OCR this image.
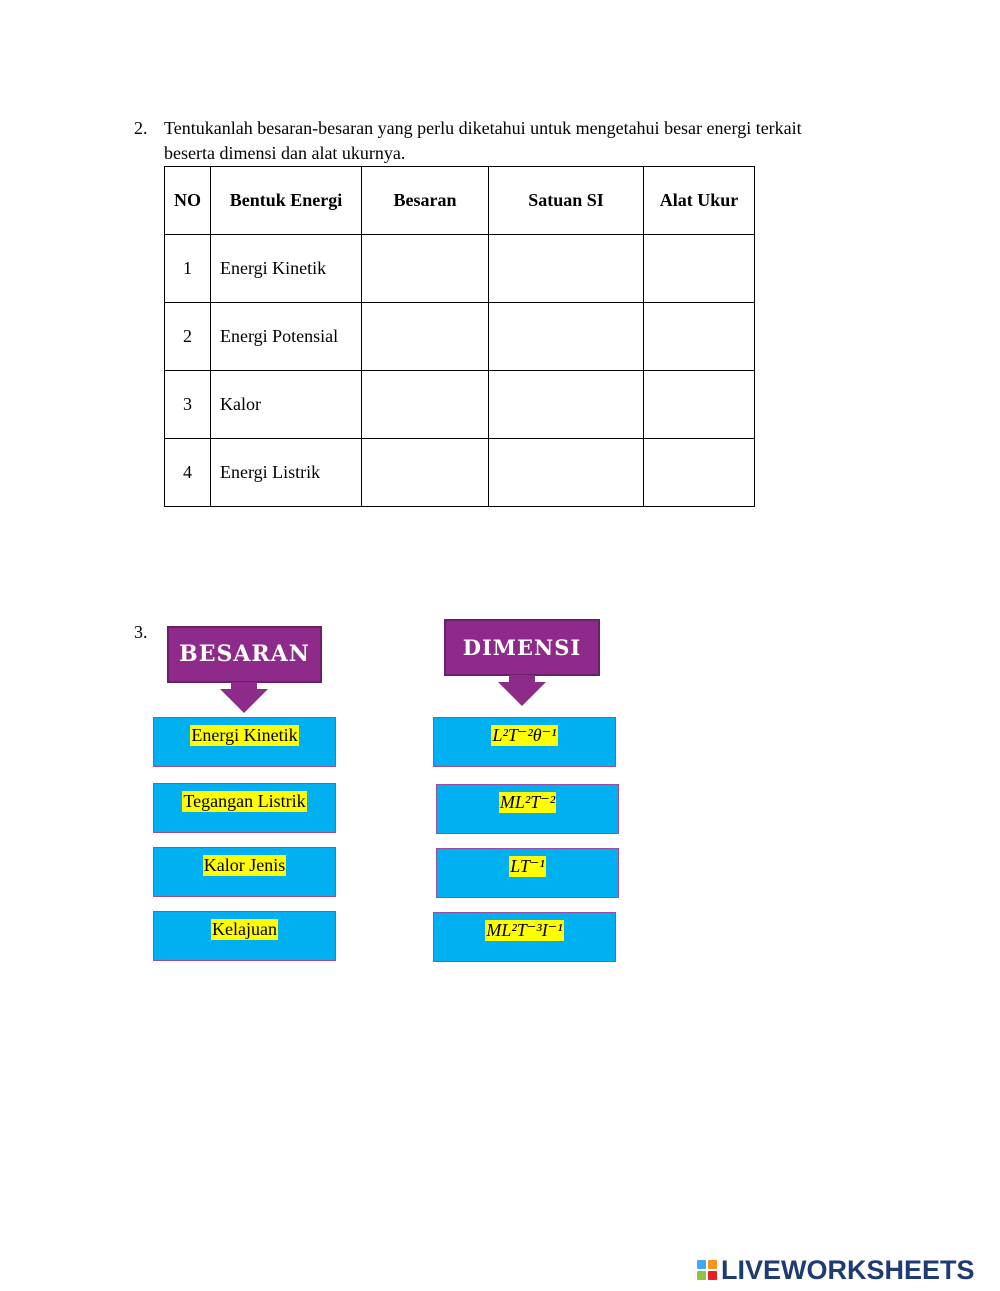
2. Tentukanlah besaran-besaran yang perlu diketahui untuk mengetahui besar energi terkait
beserta dimensi dan alat ukurnya.
NO	Bentuk Energi	Besaran	Satuan SI	Alat Ukur
1	Energi Kinetik			
2	Energi Potensial			
3	Kalor			
4	Energi Listrik			
3.
BESARAN	DIMENSI
Energi Kinetik
Tegangan Listrik
Kalor Jenis
Kelajuan
L²T⁻²θ⁻¹
ML²T⁻²
LT⁻¹
ML²T⁻³I⁻¹
LIVEWORKSHEETS
